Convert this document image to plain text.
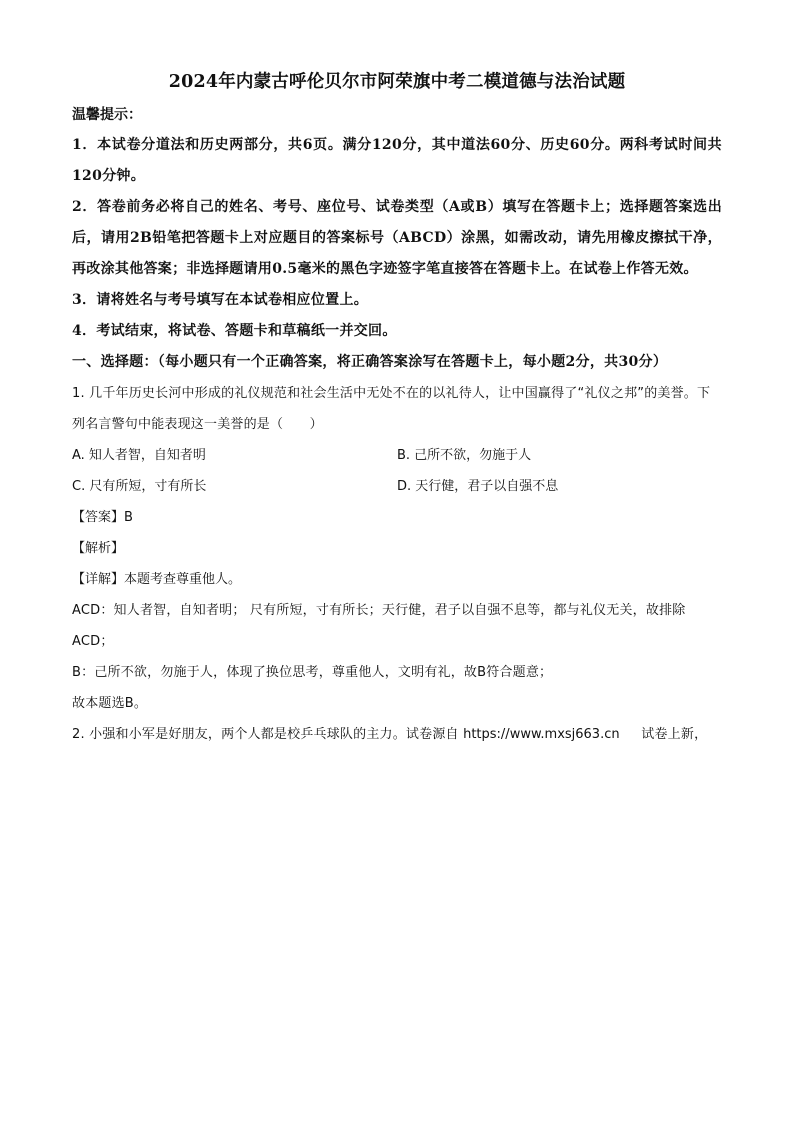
2024年内蒙古呼伦贝尔市阿荣旗中考二模道德与法治试题
温馨提示：

1．本试卷分道法和历史两部分，共6页。满分120分，其中道法60分、历史60分。两科考试时间共120分钟。

2．答卷前务必将自己的姓名、考号、座位号、试卷类型（A或B）填写在答题卡上；选择题答案选出后，请用2B铅笔把答题卡上对应题目的答案标号（ABCD）涂黑，如需改动，请先用橡皮擦拭干净，再改涂其他答案；非选择题请用0.5毫米的黑色字迹签字笔直接答在答题卡上。在试卷上作答无效。

3．请将姓名与考号填写在本试卷相应位置上。

4．考试结束，将试卷、答题卡和草稿纸一并交回。

一、选择题：（每小题只有一个正确答案，将正确答案涂写在答题卡上，每小题2分，共30分）

1. 几千年历史长河中形成的礼仪规范和社会生活中无处不在的以礼待人，让中国赢得了“礼仪之邦”的美誉。下列名言警句中能表现这一美誉的是（　　）

A. 知人者智，自知者明	B. 己所不欲，勿施于人
C. 尺有所短，寸有所长	D. 天行健，君子以自强不息
【答案】B
【解析】
【详解】本题考查尊重他人。

ACD：知人者智，自知者明； 尺有所短，寸有所长；天行健，君子以自强不息等，都与礼仪无关，故排除ACD；

B：己所不欲，勿施于人，体现了换位思考，尊重他人，文明有礼，故B符合题意；

故本题选B。

2. 小强和小军是好朋友，两个人都是校乒乓球队的主力。试卷源自 https://www.mxsj663.cn 试卷上新，
